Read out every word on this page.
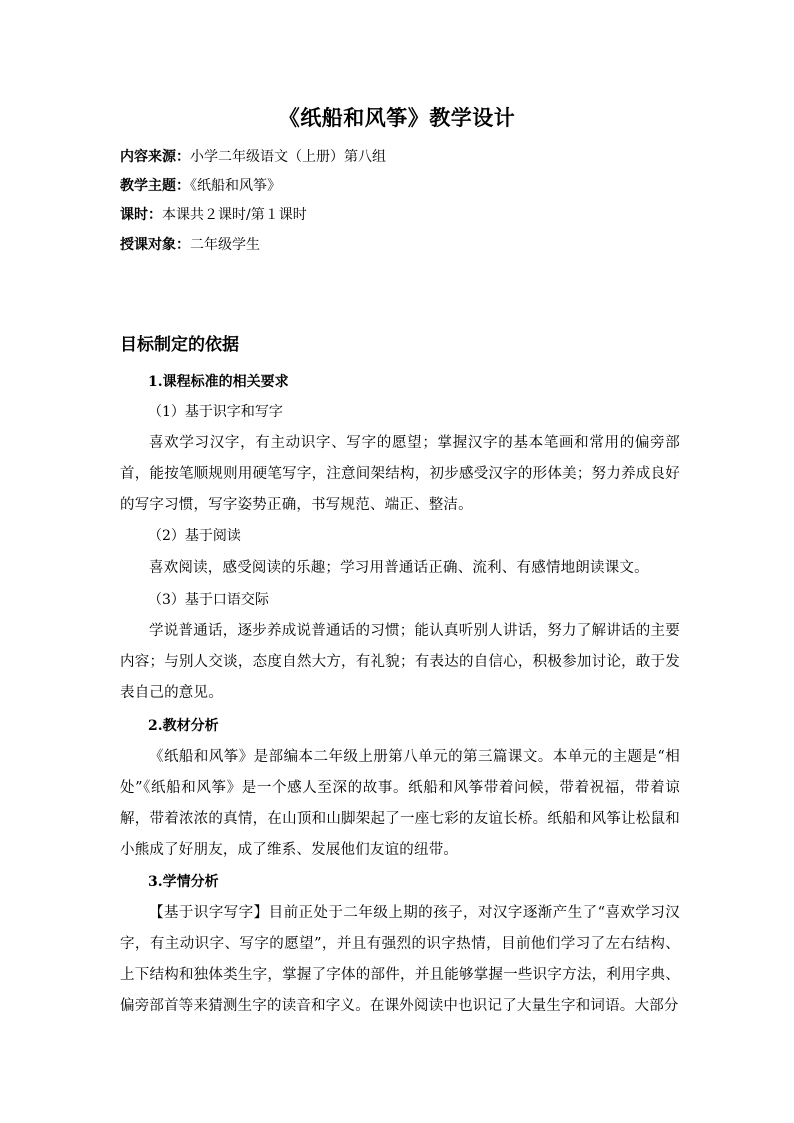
《纸船和风筝》教学设计
内容来源：小学二年级语文（上册）第八组
教学主题：《纸船和风筝》
课时：本课共２课时/第１课时
授课对象：二年级学生
目标制定的依据
1.课程标准的相关要求
（1）基于识字和写字
喜欢学习汉字，有主动识字、写字的愿望；掌握汉字的基本笔画和常用的偏旁部首，能按笔顺规则用硬笔写字，注意间架结构，初步感受汉字的形体美；努力养成良好的写字习惯，写字姿势正确，书写规范、端正、整洁。
（2）基于阅读
喜欢阅读，感受阅读的乐趣；学习用普通话正确、流利、有感情地朗读课文。
（3）基于口语交际
学说普通话，逐步养成说普通话的习惯；能认真听别人讲话，努力了解讲话的主要内容；与别人交谈，态度自然大方，有礼貌；有表达的自信心，积极参加讨论，敢于发表自己的意见。
2.教材分析
《纸船和风筝》是部编本二年级上册第八单元的第三篇课文。本单元的主题是“相处”《纸船和风筝》是一个感人至深的故事。纸船和风筝带着问候，带着祝福，带着谅解，带着浓浓的真情，在山顶和山脚架起了一座七彩的友谊长桥。纸船和风筝让松鼠和小熊成了好朋友，成了维系、发展他们友谊的纽带。
3.学情分析
【基于识字写字】目前正处于二年级上期的孩子，对汉字逐渐产生了“喜欢学习汉字，有主动识字、写字的愿望”，并且有强烈的识字热情，目前他们学习了左右结构、上下结构和独体类生字，掌握了字体的部件，并且能够掌握一些识字方法，利用字典、偏旁部首等来猜测生字的读音和字义。在课外阅读中也识记了大量生字和词语。大部分
